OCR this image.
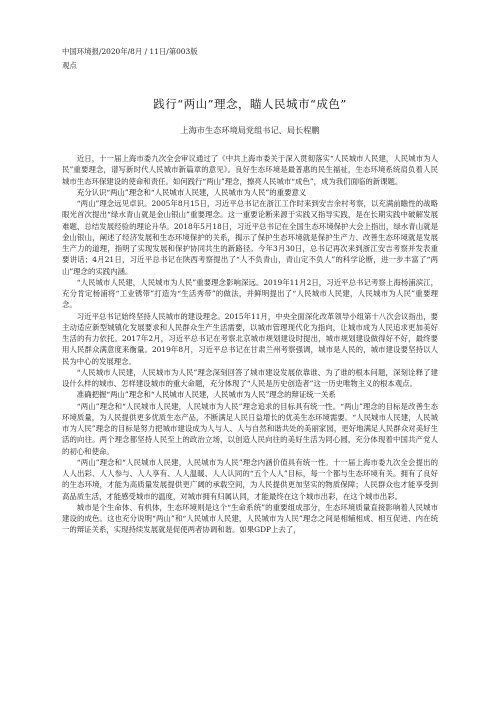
中国环境报/2020年/8月 / 11日/第003版
观点
践行“两山”理念，瞄人民城市“成色”
上海市生态环境局党组书记、局长程鹏

近日，十一届上海市委九次全会审议通过了《中共上海市委关于深入贯彻落实“人民城市人民建，人民城市为人民”重要理念，谱写新时代人民城市新篇章的意见》。良好生态环境是最普惠的民生福祉，生态环境系统肩负着人民城市生态环保建设的使命和责任。如何践行“两山”理念，擦亮人民城市“成色”，成为我们面临的新课题。

充分认识“两山”理念和“人民城市人民建，人民城市为人民”的重要意义

“两山”理念远见卓识。2005年8月15日，习近平总书记在浙江工作时来到安吉余村考察，以充满前瞻性的战略眼光首次提出“绿水青山就是金山银山”重要理念。这一重要论断来源于实践又指导实践，是在长期实践中破解发展难题、总结发展经验的理论升华。2018年5月18日，习近平总书记在全国生态环境保护大会上指出，绿水青山就是金山银山，阐述了经济发展和生态环境保护的关系，揭示了保护生态环境就是保护生产力、改善生态环境就是发展生产力的道理，指明了实现发展和保护协同共生的新路径。今年3月30日，总书记再次来到浙江安吉考察并发表重要讲话；4月21日，习近平总书记在陕西考察提出了“人不负青山，青山定不负人”的科学论断，进一步丰富了“两山”理念的实践内涵。

“人民城市人民建，人民城市为人民”重要理念影响深远。2019年11月2日，习近平总书记考察上海杨浦滨江，充分肯定杨浦将“工业锈带”打造为“生活秀带”的做法，并鲜明提出了“人民城市人民建，人民城市为人民”重要理念。

习近平总书记始终坚持人民城市的建设理念。2015年11月，中央全面深化改革领导小组第十八次会议指出，要主动适应新型城镇化发展要求和人民群众生产生活需要，以城市管理现代化为指向，让城市成为人民追求更加美好生活的有力依托。2017年2月，习近平总书记在考察北京城市规划建设时提出，城市规划建设做得好不好，最终要用人民群众满意度来衡量。2019年8月，习近平总书记在甘肃兰州考察强调，城市是人民的，城市建设要坚持以人民为中心的发展理念。

“人民城市人民建，人民城市为人民”理念深刻回答了城市建设发展依靠谁、为了谁的根本问题，深刻诠释了建设什么样的城市、怎样建设城市的重大命题，充分体现了“人民是历史创造者”这一历史唯物主义的根本观点。

准确把握“两山”理念和“人民城市人民建，人民城市为人民”理念的辩证统一关系

“两山”理念和“人民城市人民建，人民城市为人民”理念追求的目标具有统一性。“两山”理念的目标是改善生态环境质量，为人民提供更多优质生态产品，不断满足人民日益增长的优美生态环境需要。“人民城市人民建，人民城市为人民”理念的目标是努力把城市建设成为人与人、人与自然和谐共处的美丽家园，更好地满足人民群众对美好生活的向往。两个理念都坚持人民至上的政治立场，以创造人民向往的美好生活为同心圆，充分体现着中国共产党人的初心和使命。

“两山”理念和“人民城市人民建，人民城市为人民”理念内涵价值具有统一性。十一届上海市委九次全会提出的人人出彩、人人参与、人人享有、人人温暖、人人认同的“五个人人”目标，每一个都与生态环境有关。拥有了良好的生态环境，才能为高质量发展提供更广阔的承载空间，为人民提供更加坚实的物质保障；人民群众也才能享受到高品质生活，才能感受城市的温度，对城市拥有归属认同，才能最终在这个城市出彩，在这个城市出彩。

城市是个生命体、有机体，生态环境则是这个“生命系统”的重要组成部分，生态环境质量直接影响着人民城市建设的成色。这也充分说明“两山”和“人民城市人民建，人民城市为人民”理念之间是相辅相成、相互促进、内在统一的辩证关系，实现持续发展就是促使两者协调和谐。如果GDP上去了，
